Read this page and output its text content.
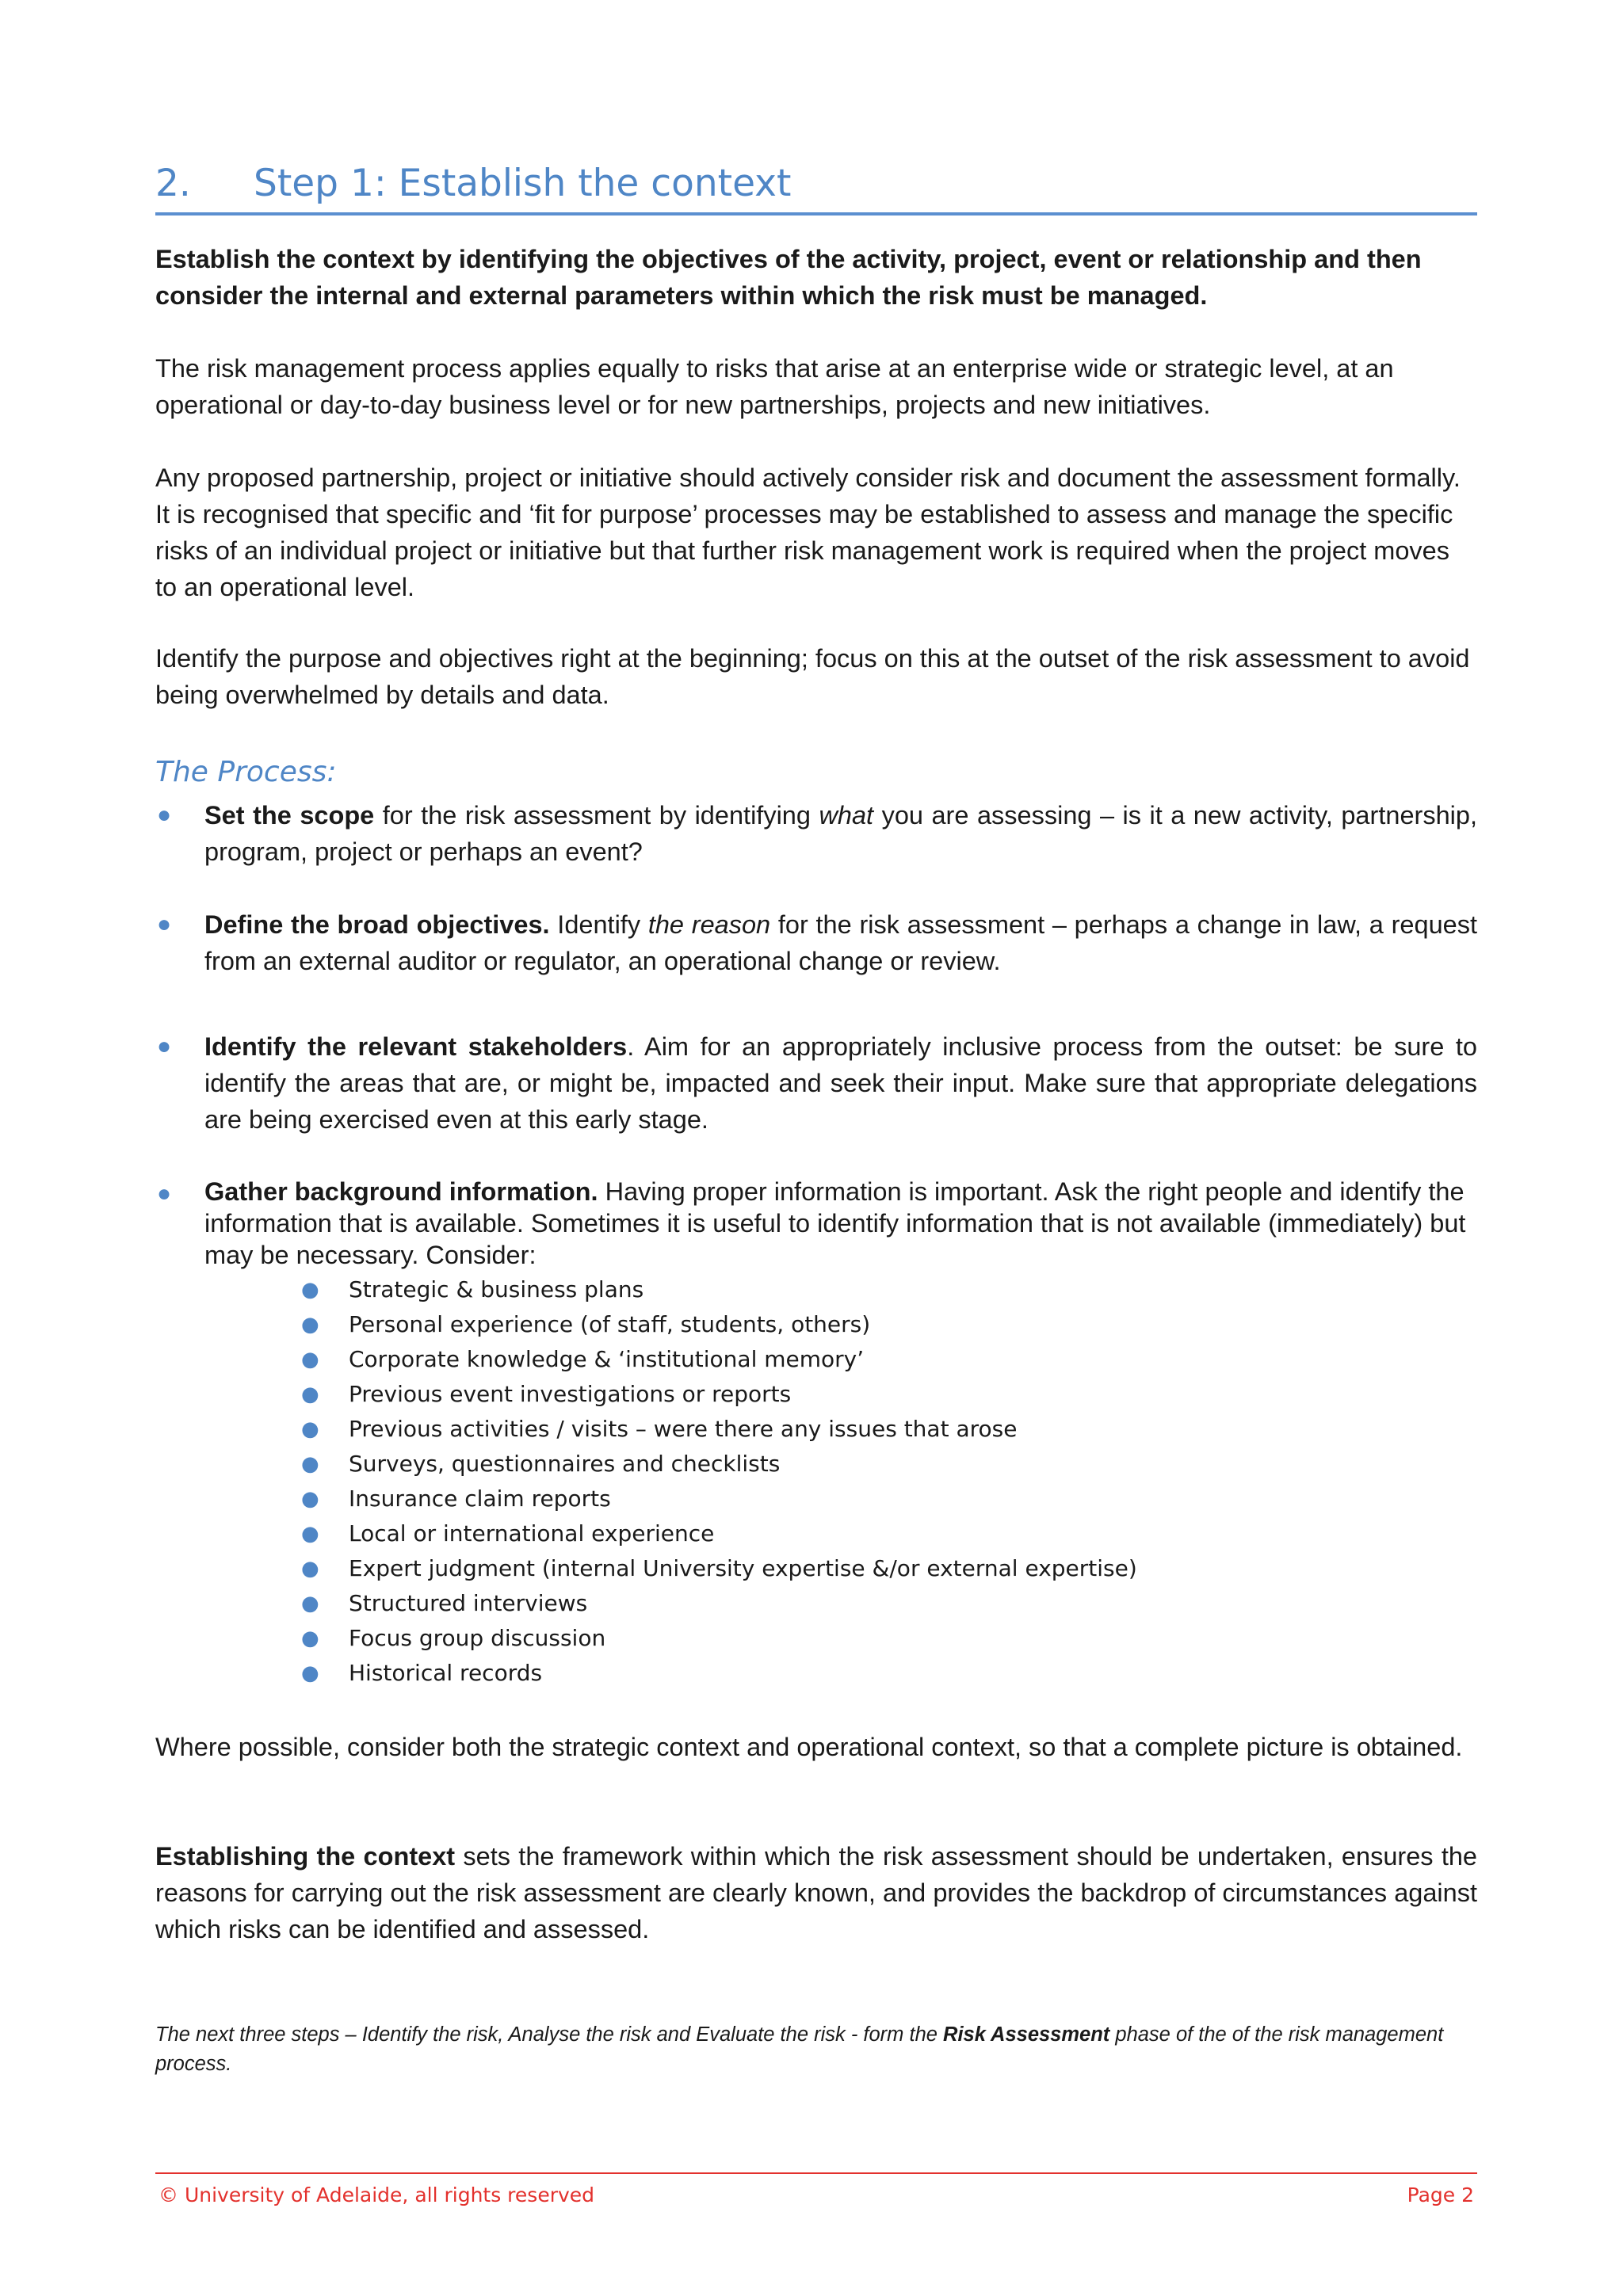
2. Step 1: Establish the context

Establish the context by identifying the objectives of the activity, project, event or relationship and then consider the internal and external parameters within which the risk must be managed.

The risk management process applies equally to risks that arise at an enterprise wide or strategic level, at an operational or day-to-day business level or for new partnerships, projects and new initiatives.

Any proposed partnership, project or initiative should actively consider risk and document the assessment formally. It is recognised that specific and ‘fit for purpose’ processes may be established to assess and manage the specific risks of an individual project or initiative but that further risk management work is required when the project moves to an operational level.

Identify the purpose and objectives right at the beginning; focus on this at the outset of the risk assessment to avoid being overwhelmed by details and data.

The Process:

● Set the scope for the risk assessment by identifying what you are assessing – is it a new activity, partnership, program, project or perhaps an event?
● Define the broad objectives. Identify the reason for the risk assessment – perhaps a change in law, a request from an external auditor or regulator, an operational change or review.
● Identify the relevant stakeholders. Aim for an appropriately inclusive process from the outset: be sure to identify the areas that are, or might be, impacted and seek their input. Make sure that appropriate delegations are being exercised even at this early stage.
● Gather background information. Having proper information is important. Ask the right people and identify the information that is available. Sometimes it is useful to identify information that is not available (immediately) but may be necessary. Consider:
● Strategic & business plans
● Personal experience (of staff, students, others)
● Corporate knowledge & ‘institutional memory’
● Previous event investigations or reports
● Previous activities / visits – were there any issues that arose
● Surveys, questionnaires and checklists
● Insurance claim reports
● Local or international experience
● Expert judgment (internal University expertise &/or external expertise)
● Structured interviews
● Focus group discussion
● Historical records

Where possible, consider both the strategic context and operational context, so that a complete picture is obtained.

Establishing the context sets the framework within which the risk assessment should be undertaken, ensures the reasons for carrying out the risk assessment are clearly known, and provides the backdrop of circumstances against which risks can be identified and assessed.

The next three steps – Identify the risk, Analyse the risk and Evaluate the risk - form the Risk Assessment phase of the of the risk management process.

© University of Adelaide, all rights reserved	Page 2
